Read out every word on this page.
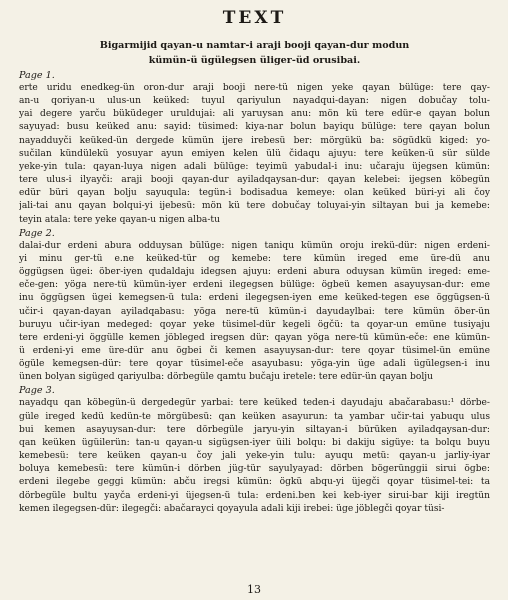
TEXT
Bigarmijid qayan-u namtar-i araji booji qayan-dur modun
kümün-ü ügülegsen üliger-üd orusibai.
Page 1.
erte uridu enedkeg-ün oron-dur araji booji nere-tü nigen yeke qayan bülüge: tere qay-
an-u qoriyan-u ulus-un keüked: tuyul qariyulun nayadqui-dayan: nigen dobučay tolu-
yai degere yarču büküdeger uruldujai: ali yaruysan anu: mön kü tere edür-e qayan bolun
sayuyad: busu keüked anu: sayid: tüsimed: kiya-nar bolun bayiqu bülüge: tere qayan bolun
nayadduyči keüked-ün dergede kümün ijere irebesü ber: mörgükü ba: sögüdkü kiged: yo-
sučilan kündülekü yosuyar ayun emiyen kelen ülü čidaqu ajuyu: tere keüken-ü sür sülde
yeke-yin tula: qayan-luya nigen adali bülüge: teyimü yabudal-i inu: učaraju üjegsen kümün:
tere ulus-i ilyayči: araji booji qayan-dur ayiladqaysan-dur: qayan kelebei: ijegsen köbegün
edür büri qayan bolju sayuqula: tegün-i bodisadua kemeye: olan keüked büri-yi ali čoy
jali-tai anu qayan bolqui-yi ijebesü: mön kü tere dobučay toluyai-yin siltayan bui ja kemebe:
teyin atala: tere yeke qayan-u nigen alba-tu
Page 2.
dalai-dur erdeni abura odduysan bülüge: nigen taniqu kümün oroju irekü-dür: nigen erdeni-
yi minu ger-tü e.ne keüked-tür og kemebe: tere kümün ireged eme üre-dü anu
öggügsen ügei: öber-iyen qudaldaju idegsen ajuyu: erdeni abura oduysan kümün ireged: eme-
eče-gen: yöga nere-tü kümün-iyer erdeni ilegegsen bülüge: ögbeü kemen asayuysan-dur: eme
inu öggügsen ügei kemegsen-ü tula: erdeni ilegegsen-iyen eme keüked-tegen ese öggügsen-ü
učir-i qayan-dayan ayiladqabasu: yöga nere-tü kümün-i dayudaylbai: tere kümün öber-ün
buruyu učir-iyan medeged: qoyar yeke tüsimel-dür kegeli ögčü: ta qoyar-un emüne tusiyaju
tere erdeni-yi öggülle kemen jöbleged iregsen dür: qayan yöga nere-tü kümün-eče: ene kümün-
ü erdeni-yi eme üre-dür anu ögbei či kemen asayuysan-dur: tere qoyar tüsimel-ün emüne
ögüle kemegsen-dür: tere qoyar tüsimel-eče asayubasu: yöga-yin üge adali ügülegsen-i inu
ünen bolyan sigüged qariyulba: dörbegüle qamtu bučaju iretele: tere edür-ün qayan bolju
Page 3.
nayadqu qan köbegün-ü dergedegür yarbai: tere keüked teden-i dayudaju abačarabasu:¹ dörbe-
güle ireged kedü kedün-te mörgübesü: qan keüken asayurun: ta yambar učir-tai yabuqu ulus
bui kemen asayuysan-dur: tere dörbegüle jaryu-yin siltayan-i bürüken ayiladqaysan-dur:
qan keüken ügüilerün: tan-u qayan-u sigügsen-iyer üili bolqu: bi dakiju sigüye: ta bolqu buyu
kemebesü: tere keüken qayan-u čoy jali yeke-yin tulu: ayuqu metü: qayan-u jarliy-iyar
boluya kemebesü: tere kümün-i dörben jüg-tür sayulyayad: dörben bögerünggii sirui ögbe:
erdeni ilegebe geggi kümün: abču iregsi kümün: ögkü abqu-yi üjegči qoyar tüsimel-tei: ta
dörbegüle bultu yayča erdeni-yi üjegsen-ü tula: erdeni.ben kei keb-iyer sirui-bar kiji iregtün
kemen ilegegsen-dür: ilegegči: abačarayci qoyayula adali kiji irebei: üge jöblegči qoyar tüsi-
13
